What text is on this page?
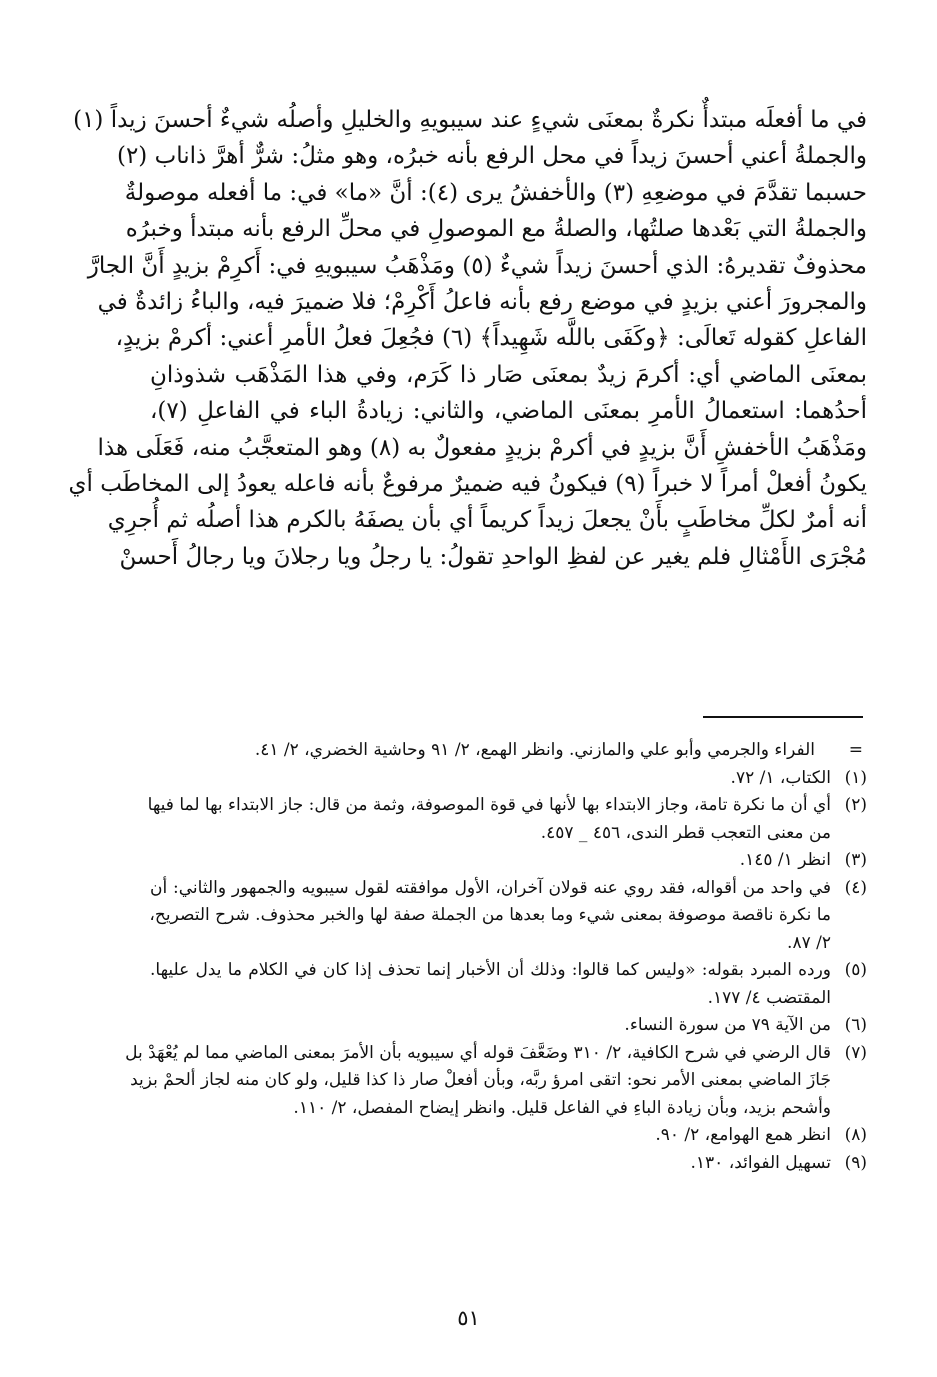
في ما أفعلَه مبتدأٌ نكرةٌ بمعنَى شيءٍ عند سيبويهِ والخليلِ وأصلُه شيءٌ أحسنَ زيداً (١)
والجملةُ أعني أحسنَ زيداً في محل الرفع بأنه خبرُه، وهو مثلُ: شرٌّ أهرَّ ذاناب (٢)
حسبما تقدَّمَ في موضعِهِ (٣) والأخفشُ يرى (٤): أنَّ «ما» في: ما أفعله موصولةٌ
والجملةُ التي بَعْدها صلتُها، والصلةُ مع الموصولِ في محلِّ الرفع بأنه مبتدأ وخبرُه
محذوفٌ تقديرهُ: الذي أحسنَ زيداً شيءٌ (٥) ومَذْهَبُ سيبويهِ في: أَكرِمْ بزيدٍ أَنَّ الجارَّ
والمجرورَ أعني بزيدٍ في موضع رفع بأنه فاعلُ أَكْرِمْ؛ فلا ضميرَ فيه، والباءُ زائدةٌ في
الفاعلِ كقوله تَعالَى: ﴿وكَفَى باللَّه شَهِيداً﴾ (٦) فجُعِلَ فعلُ الأمرِ أعني: أكرمْ بزيدٍ،
بمعنَى الماضي أي: أكرمَ زيدٌ بمعنَى صَار ذا كَرَم، وفي هذا المَذْهَب شذوذانِ
أحدُهما: استعمالُ الأمرِ بمعنَى الماضي، والثاني: زيادةُ الباء في الفاعلِ (٧)،
ومَذْهَبُ الأخفشِ أَنَّ بزيدٍ في أكرمْ بزيدٍ مفعولٌ به (٨) وهو المتعجَّبُ منه، فَعَلَى هذا
يكونُ أفعلْ أمراً لا خبراً (٩) فيكونُ فيه ضميرٌ مرفوعٌ بأنه فاعله يعودُ إلى المخاطَب أي
أنه أمرٌ لكلِّ مخاطَبٍ بأَنْ يجعلَ زيداً كريماً أي بأن يصفَهُ بالكرم هذا أصلُه ثم أُجرِي
مُجْرَى الأَمْثالِ فلم يغير عن لفظِ الواحدِ تقولُ: يا رجلُ ويا رجلانَ ويا رجالُ أَحسنْ
=
الفراء والجرمي وأبو علي والمازني. وانظر الهمع، ٢/ ٩١ وحاشية الخضري، ٢/ ٤١.
(١)الكتاب، ١/ ٧٢.
(٢)أي أن ما نكرة تامة، وجاز الابتداء بها لأنها في قوة الموصوفة، وثمة من قال: جاز الابتداء بها لما فيها
من معنى التعجب قطر الندى، ٤٥٦ _ ٤٥٧.
(٣)انظر ١/ ١٤٥.
(٤)في واحد من أقواله، فقد روي عنه قولان آخران، الأول موافقته لقول سيبويه والجمهور والثاني: أن
ما نكرة ناقصة موصوفة بمعنى شيء وما بعدها من الجملة صفة لها والخبر محذوف. شرح التصريح،
٢/ ٨٧.
(٥)ورده المبرد بقوله: «وليس كما قالوا: وذلك أن الأخبار إنما تحذف إذا كان في الكلام ما يدل عليها.
المقتضب ٤/ ١٧٧.
(٦)من الآية ٧٩ من سورة النساء.
(٧)قال الرضي في شرح الكافية، ٢/ ٣١٠ وضَعَّفَ قوله أي سيبويه بأن الأمرَ بمعنى الماضي مما لم يُعْهَدْ بل
جَازَ الماضي بمعنى الأمر نحو: اتقى امرؤ ربَّه، وبأن أفعلْ صار ذا كذا قليل، ولو كان منه لجاز ألحمْ بزيد
وأشحم بزيد، وبأن زيادة الباءِ في الفاعل قليل. وانظر إيضاح المفصل، ٢/ ١١٠.
(٨)انظر همع الهوامع، ٢/ ٩٠.
(٩)تسهيل الفوائد، ١٣٠.
٥١
